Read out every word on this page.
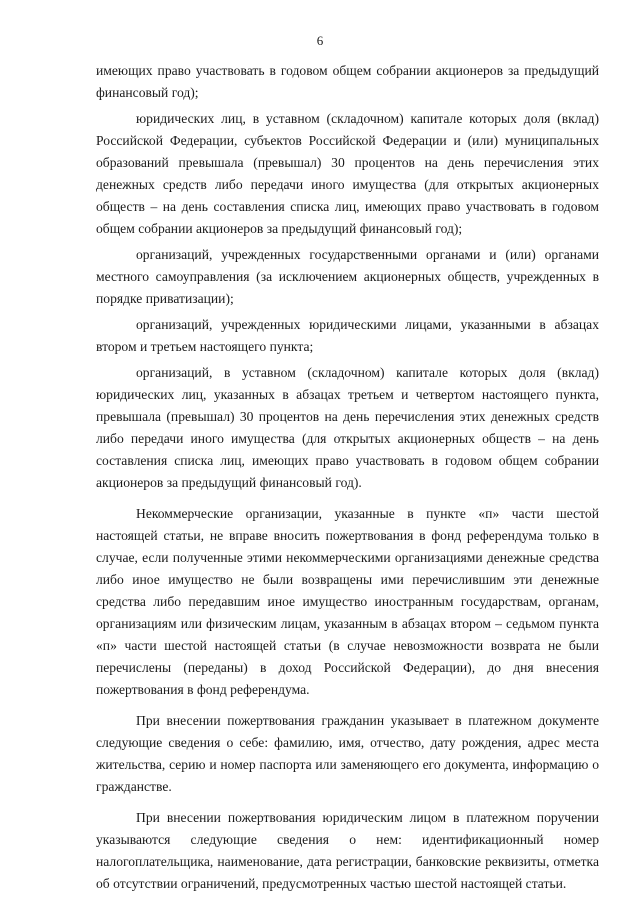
6

имеющих право участвовать в годовом общем собрании акционеров за предыдущий финансовый год);

юридических лиц, в уставном (складочном) капитале которых доля (вклад) Российской Федерации, субъектов Российской Федерации и (или) муниципальных образований превышала (превышал) 30 процентов на день перечисления этих денежных средств либо передачи иного имущества (для открытых акционерных обществ – на день составления списка лиц, имеющих право участвовать в годовом общем собрании акционеров за предыдущий финансовый год);

организаций, учрежденных государственными органами и (или) органами местного самоуправления (за исключением акционерных обществ, учрежденных в порядке приватизации);

организаций, учрежденных юридическими лицами, указанными в абзацах втором и третьем настоящего пункта;

организаций, в уставном (складочном) капитале которых доля (вклад) юридических лиц, указанных в абзацах третьем и четвертом настоящего пункта, превышала (превышал) 30 процентов на день перечисления этих денежных средств либо передачи иного имущества (для открытых акционерных обществ – на день составления списка лиц, имеющих право участвовать в годовом общем собрании акционеров за предыдущий финансовый год).

Некоммерческие организации, указанные в пункте «п» части шестой настоящей статьи, не вправе вносить пожертвования в фонд референдума только в случае, если полученные этими некоммерческими организациями денежные средства либо иное имущество не были возвращены ими перечислившим эти денежные средства либо передавшим иное имущество иностранным государствам, органам, организациям или физическим лицам, указанным в абзацах втором – седьмом пункта «п» части шестой настоящей статьи (в случае невозможности возврата не были перечислены (переданы) в доход Российской Федерации), до дня внесения пожертвования в фонд референдума.

При внесении пожертвования гражданин указывает в платежном документе следующие сведения о себе: фамилию, имя, отчество, дату рождения, адрес места жительства, серию и номер паспорта или заменяющего его документа, информацию о гражданстве.

При внесении пожертвования юридическим лицом в платежном поручении указываются следующие сведения о нем: идентификационный номер налогоплательщика, наименование, дата регистрации, банковские реквизиты, отметка об отсутствии ограничений, предусмотренных частью шестой настоящей статьи.
